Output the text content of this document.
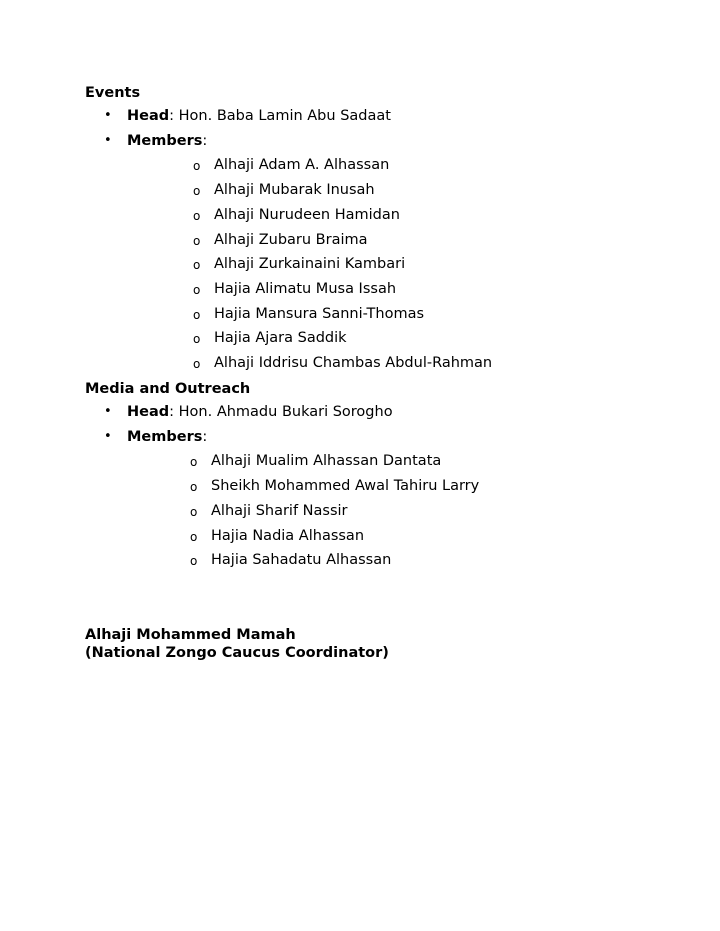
Events

• Head: Hon. Baba Lamin Abu Sadaat
• Members:
o Alhaji Adam A. Alhassan
o Alhaji Mubarak Inusah
o Alhaji Nurudeen Hamidan
o Alhaji Zubaru Braima
o Alhaji Zurkainaini Kambari
o Hajia Alimatu Musa Issah
o Hajia Mansura Sanni-Thomas
o Hajia Ajara Saddik
o Alhaji Iddrisu Chambas Abdul-Rahman

Media and Outreach

• Head: Hon. Ahmadu Bukari Sorogho
• Members:
o Alhaji Mualim Alhassan Dantata
o Sheikh Mohammed Awal Tahiru Larry
o Alhaji Sharif Nassir
o Hajia Nadia Alhassan
o Hajia Sahadatu Alhassan
Alhaji Mohammed Mamah
(National Zongo Caucus Coordinator)
